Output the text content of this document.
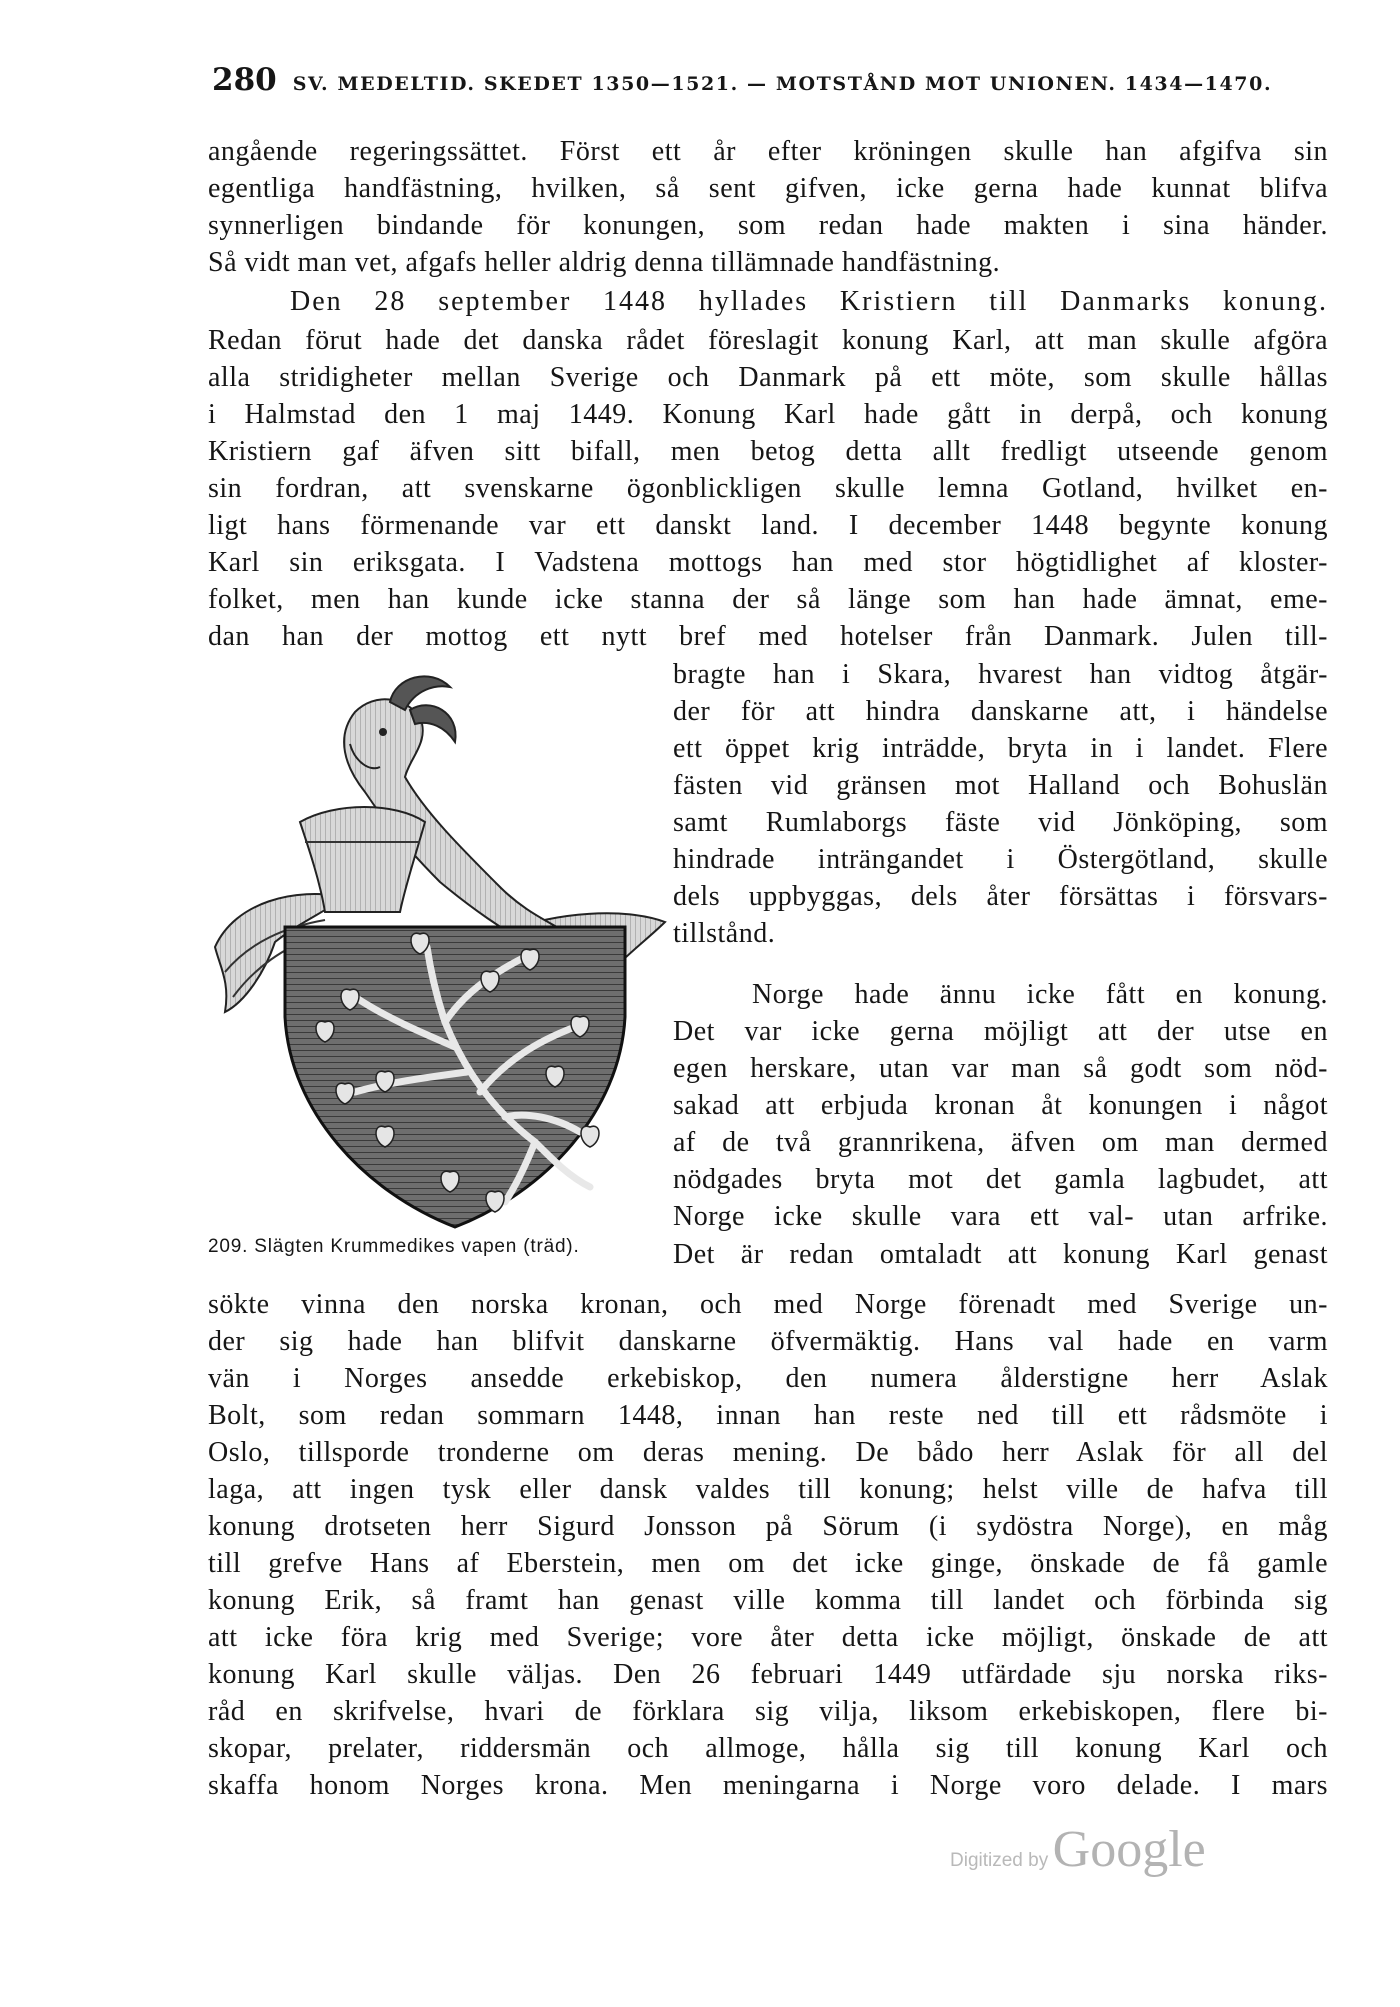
280 SV. MEDELTID. SKEDET 1350—1521. — MOTSTÅND MOT UNIONEN. 1434—1470.
angående regeringssättet. Först ett år efter kröningen skulle han afgifva sin
egentliga handfästning, hvilken, så sent gifven, icke gerna hade kunnat blifva
synnerligen bindande för konungen, som redan hade makten i sina händer.
Så vidt man vet, afgafs heller aldrig denna tillämnade handfästning.
Den 28 september 1448 hyllades Kristiern till Danmarks konung.
Redan förut hade det danska rådet föreslagit konung Karl, att man skulle afgöra
alla stridigheter mellan Sverige och Danmark på ett möte, som skulle hållas
i Halmstad den 1 maj 1449. Konung Karl hade gått in derpå, och konung
Kristiern gaf äfven sitt bifall, men betog detta allt fredligt utseende genom
sin fordran, att svenskarne ögonblickligen skulle lemna Gotland, hvilket en-
ligt hans förmenande var ett danskt land. I december 1448 begynte konung
Karl sin eriksgata. I Vadstena mottogs han med stor högtidlighet af kloster-
folket, men han kunde icke stanna der så länge som han hade ämnat, eme-
dan han der mottog ett nytt bref med hotelser från Danmark. Julen till-
bragte han i Skara, hvarest han vidtog åtgär-
der för att hindra danskarne att, i händelse
ett öppet krig inträdde, bryta in i landet. Flere
fästen vid gränsen mot Halland och Bohuslän
samt Rumlaborgs fäste vid Jönköping, som
hindrade inträngandet i Östergötland, skulle
dels uppbyggas, dels åter försättas i försvars-
tillstånd.
Norge hade ännu icke fått en konung.
Det var icke gerna möjligt att der utse en
egen herskare, utan var man så godt som nöd-
sakad att erbjuda kronan åt konungen i något
af de två grannrikena, äfven om man dermed
nödgades bryta mot det gamla lagbudet, att
Norge icke skulle vara ett val- utan arfrike.
Det är redan omtaladt att konung Karl genast
209. Slägten Krummedikes vapen (träd).
sökte vinna den norska kronan, och med Norge förenadt med Sverige un-
der sig hade han blifvit danskarne öfvermäktig. Hans val hade en varm
vän i Norges ansedde erkebiskop, den numera ålderstigne herr Aslak
Bolt, som redan sommarn 1448, innan han reste ned till ett rådsmöte i
Oslo, tillsporde tronderne om deras mening. De bådo herr Aslak för all del
laga, att ingen tysk eller dansk valdes till konung; helst ville de hafva till
konung drotseten herr Sigurd Jonsson på Sörum (i sydöstra Norge), en måg
till grefve Hans af Eberstein, men om det icke ginge, önskade de få gamle
konung Erik, så framt han genast ville komma till landet och förbinda sig
att icke föra krig med Sverige; vore åter detta icke möjligt, önskade de att
konung Karl skulle väljas. Den 26 februari 1449 utfärdade sju norska riks-
råd en skrifvelse, hvari de förklara sig vilja, liksom erkebiskopen, flere bi-
skopar, prelater, riddersmän och allmoge, hålla sig till konung Karl och
skaffa honom Norges krona. Men meningarna i Norge voro delade. I mars
Digitized by Google
